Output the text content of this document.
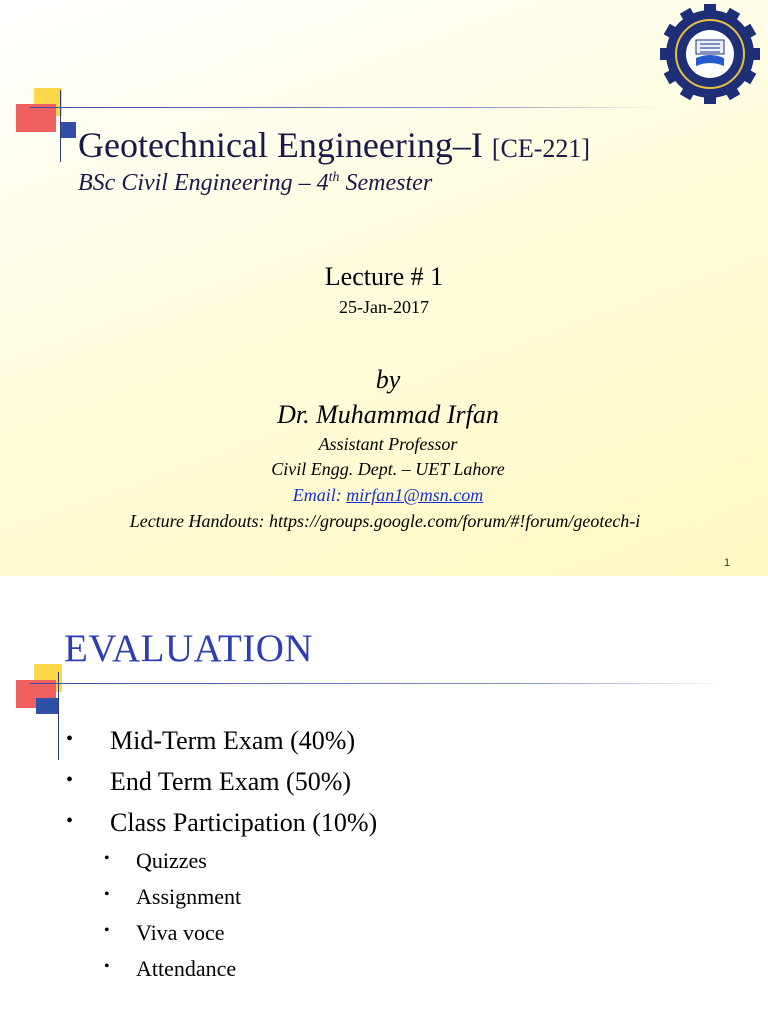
Geotechnical Engineering–I [CE-221]
BSc Civil Engineering – 4th Semester
Lecture # 1
25-Jan-2017
by
Dr. Muhammad Irfan
Assistant Professor
Civil Engg. Dept. – UET Lahore
Email: mirfan1@msn.com
Lecture Handouts: https://groups.google.com/forum/#!forum/geotech-i
1
EVALUATION
• Mid-Term Exam (40%)
• End Term Exam (50%)
• Class Participation (10%)
• Quizzes
• Assignment
• Viva voce
• Attendance
